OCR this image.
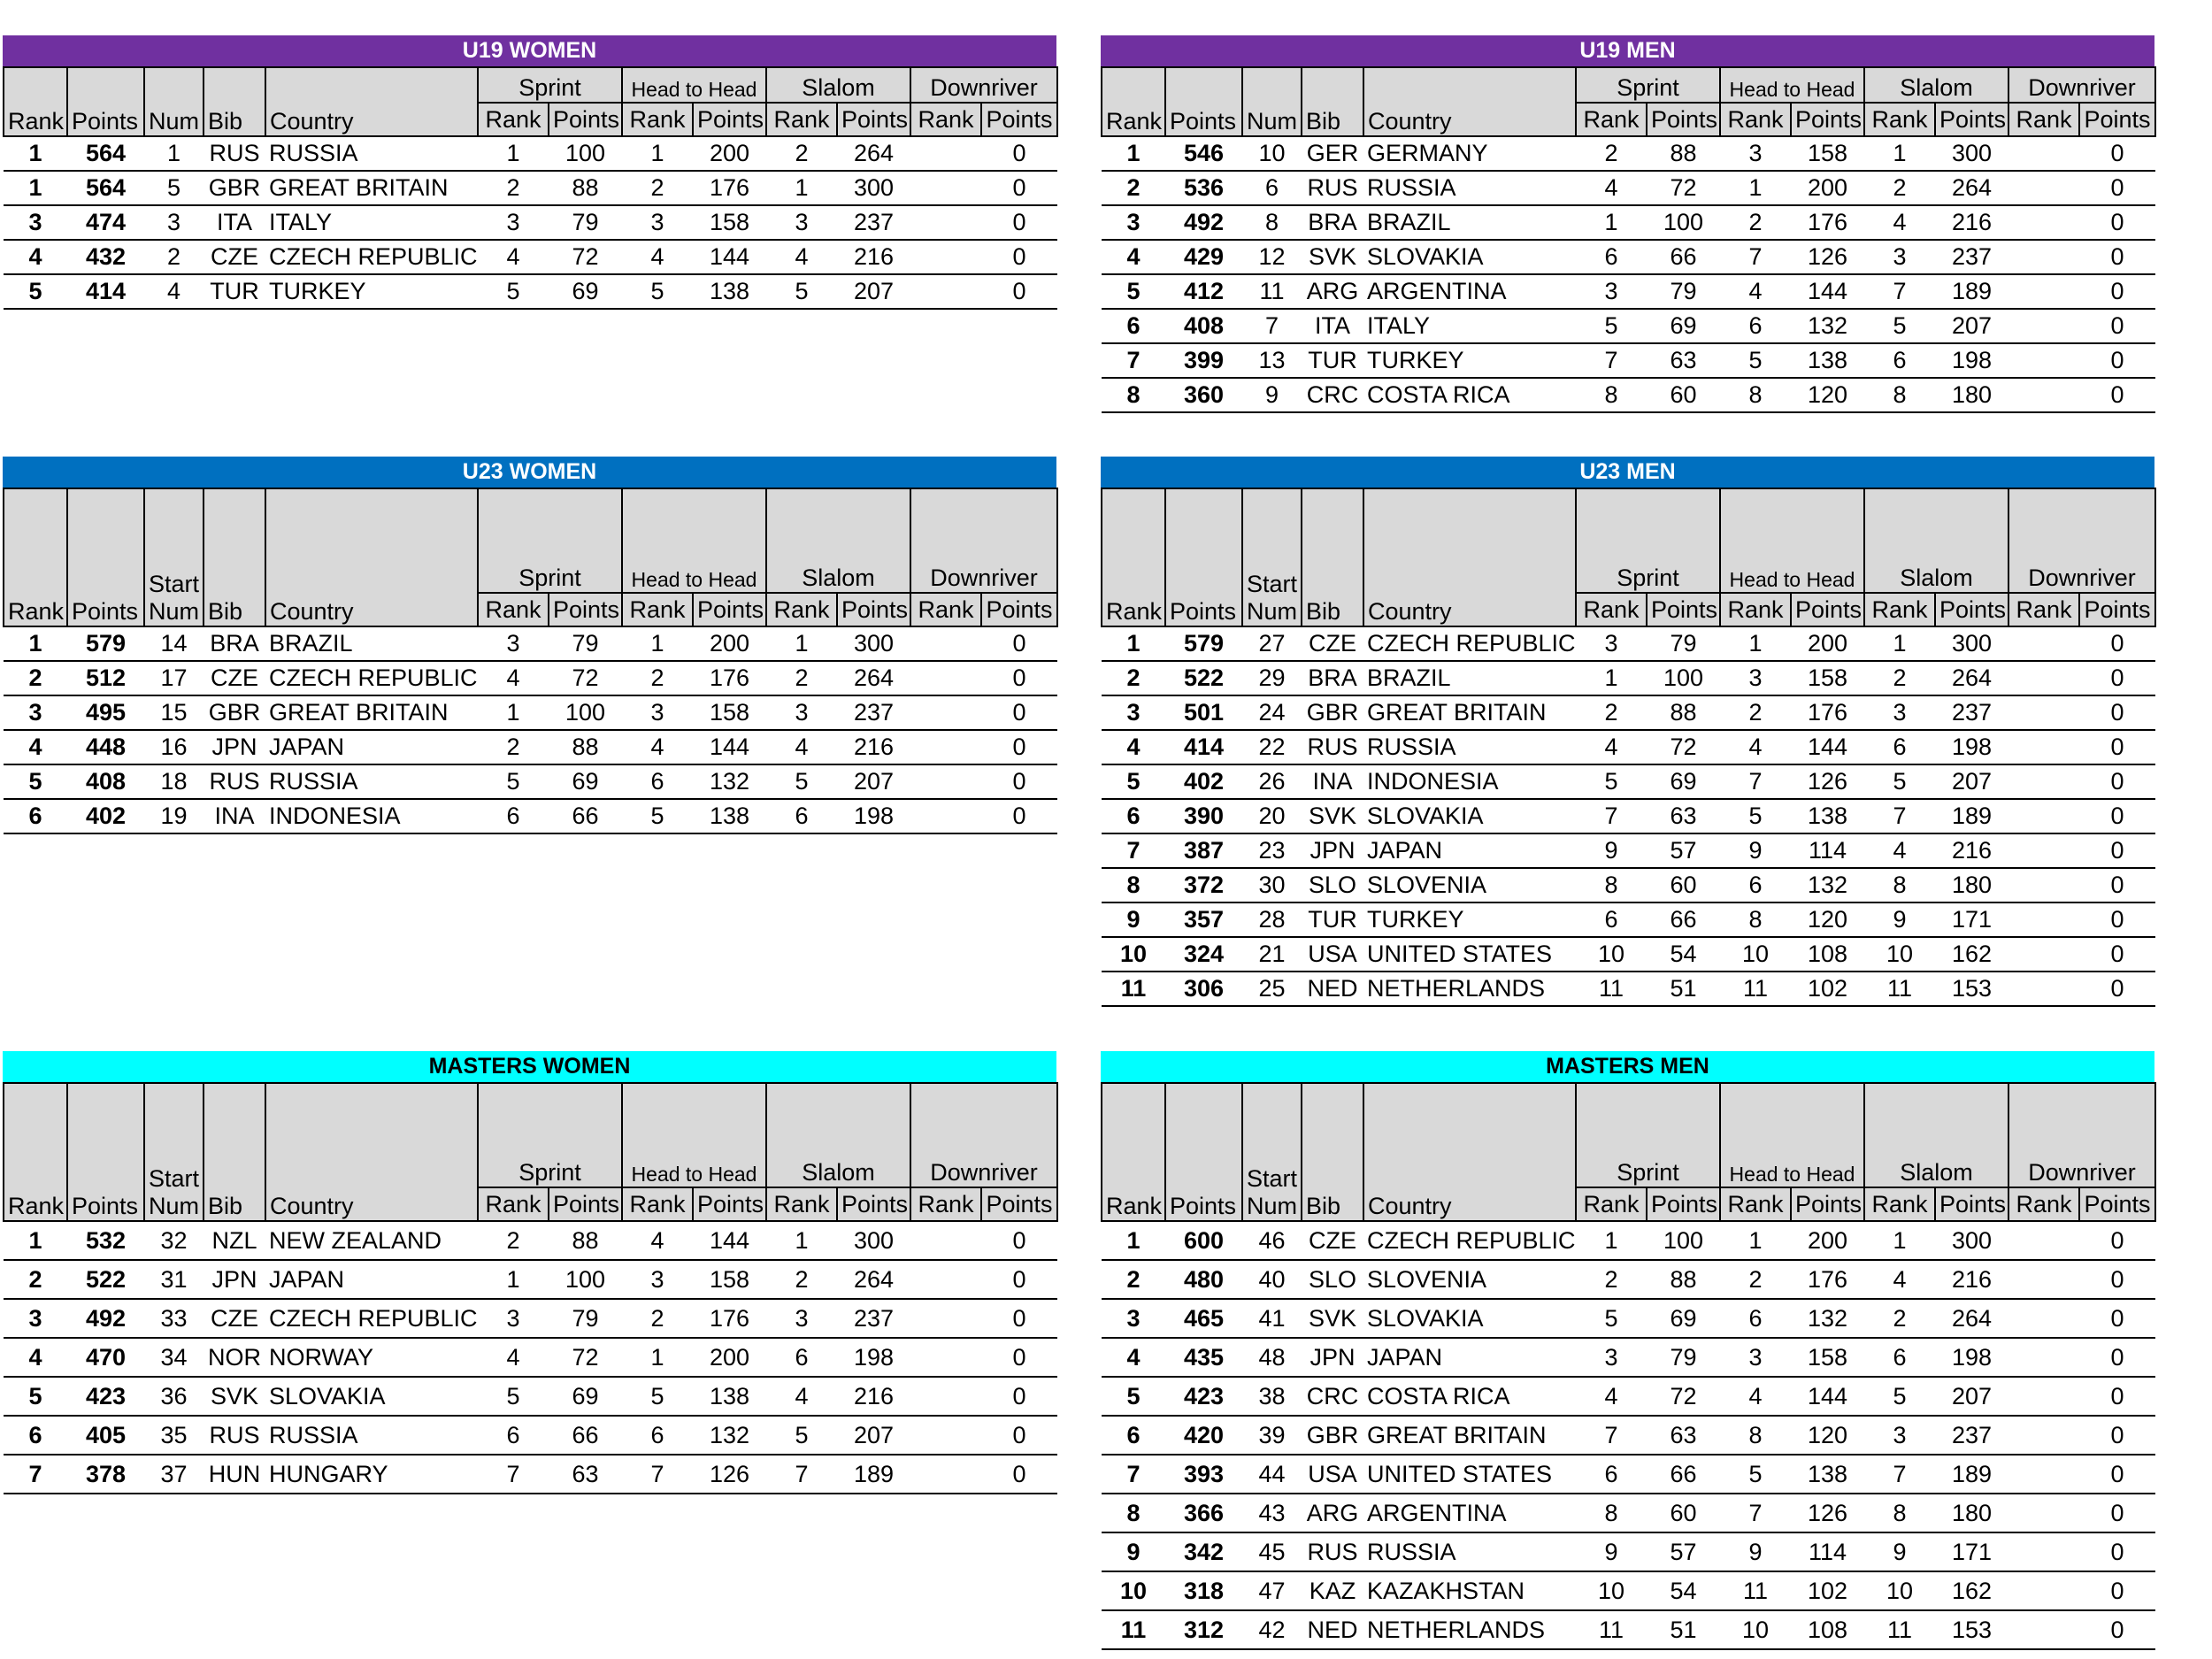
U19 WOMEN
Rank	Points	Num	Bib	Country	Sprint		Head to Head		Slalom		Downriver	
					Rank	Points	Rank	Points	Rank	Points	Rank	Points
1	564	1	RUS	RUSSIA	1	100	1	200	2	264		0
1	564	5	GBR	GREAT BRITAIN	2	88	2	176	1	300		0
3	474	3	ITA	ITALY	3	79	3	158	3	237		0
4	432	2	CZE	CZECH REPUBLIC	4	72	4	144	4	216		0
5	414	4	TUR	TURKEY	5	69	5	138	5	207		0
U19 MEN
Rank	Points	Num	Bib	Country	Sprint		Head to Head		Slalom		Downriver	
					Rank	Points	Rank	Points	Rank	Points	Rank	Points
1	546	10	GER	GERMANY	2	88	3	158	1	300		0
2	536	6	RUS	RUSSIA	4	72	1	200	2	264		0
3	492	8	BRA	BRAZIL	1	100	2	176	4	216		0
4	429	12	SVK	SLOVAKIA	6	66	7	126	3	237		0
5	412	11	ARG	ARGENTINA	3	79	4	144	7	189		0
6	408	7	ITA	ITALY	5	69	6	132	5	207		0
7	399	13	TUR	TURKEY	7	63	5	138	6	198		0
8	360	9	CRC	COSTA RICA	8	60	8	120	8	180		0
U23 WOMEN
Rank	Points	Start
Num	Bib	Country	Sprint		Head to Head		Slalom		Downriver	
					Rank	Points	Rank	Points	Rank	Points	Rank	Points
1	579	14	BRA	BRAZIL	3	79	1	200	1	300		0
2	512	17	CZE	CZECH REPUBLIC	4	72	2	176	2	264		0
3	495	15	GBR	GREAT BRITAIN	1	100	3	158	3	237		0
4	448	16	JPN	JAPAN	2	88	4	144	4	216		0
5	408	18	RUS	RUSSIA	5	69	6	132	5	207		0
6	402	19	INA	INDONESIA	6	66	5	138	6	198		0
U23 MEN
Rank	Points	Start
Num	Bib	Country	Sprint		Head to Head		Slalom		Downriver	
					Rank	Points	Rank	Points	Rank	Points	Rank	Points
1	579	27	CZE	CZECH REPUBLIC	3	79	1	200	1	300		0
2	522	29	BRA	BRAZIL	1	100	3	158	2	264		0
3	501	24	GBR	GREAT BRITAIN	2	88	2	176	3	237		0
4	414	22	RUS	RUSSIA	4	72	4	144	6	198		0
5	402	26	INA	INDONESIA	5	69	7	126	5	207		0
6	390	20	SVK	SLOVAKIA	7	63	5	138	7	189		0
7	387	23	JPN	JAPAN	9	57	9	114	4	216		0
8	372	30	SLO	SLOVENIA	8	60	6	132	8	180		0
9	357	28	TUR	TURKEY	6	66	8	120	9	171		0
10	324	21	USA	UNITED STATES	10	54	10	108	10	162		0
11	306	25	NED	NETHERLANDS	11	51	11	102	11	153		0
MASTERS WOMEN
Rank	Points	Start
Num	Bib	Country	Sprint		Head to Head		Slalom		Downriver	
					Rank	Points	Rank	Points	Rank	Points	Rank	Points
1	532	32	NZL	NEW ZEALAND	2	88	4	144	1	300		0
2	522	31	JPN	JAPAN	1	100	3	158	2	264		0
3	492	33	CZE	CZECH REPUBLIC	3	79	2	176	3	237		0
4	470	34	NOR	NORWAY	4	72	1	200	6	198		0
5	423	36	SVK	SLOVAKIA	5	69	5	138	4	216		0
6	405	35	RUS	RUSSIA	6	66	6	132	5	207		0
7	378	37	HUN	HUNGARY	7	63	7	126	7	189		0
MASTERS MEN
Rank	Points	Start
Num	Bib	Country	Sprint		Head to Head		Slalom		Downriver	
					Rank	Points	Rank	Points	Rank	Points	Rank	Points
1	600	46	CZE	CZECH REPUBLIC	1	100	1	200	1	300		0
2	480	40	SLO	SLOVENIA	2	88	2	176	4	216		0
3	465	41	SVK	SLOVAKIA	5	69	6	132	2	264		0
4	435	48	JPN	JAPAN	3	79	3	158	6	198		0
5	423	38	CRC	COSTA RICA	4	72	4	144	5	207		0
6	420	39	GBR	GREAT BRITAIN	7	63	8	120	3	237		0
7	393	44	USA	UNITED STATES	6	66	5	138	7	189		0
8	366	43	ARG	ARGENTINA	8	60	7	126	8	180		0
9	342	45	RUS	RUSSIA	9	57	9	114	9	171		0
10	318	47	KAZ	KAZAKHSTAN	10	54	11	102	10	162		0
11	312	42	NED	NETHERLANDS	11	51	10	108	11	153		0
